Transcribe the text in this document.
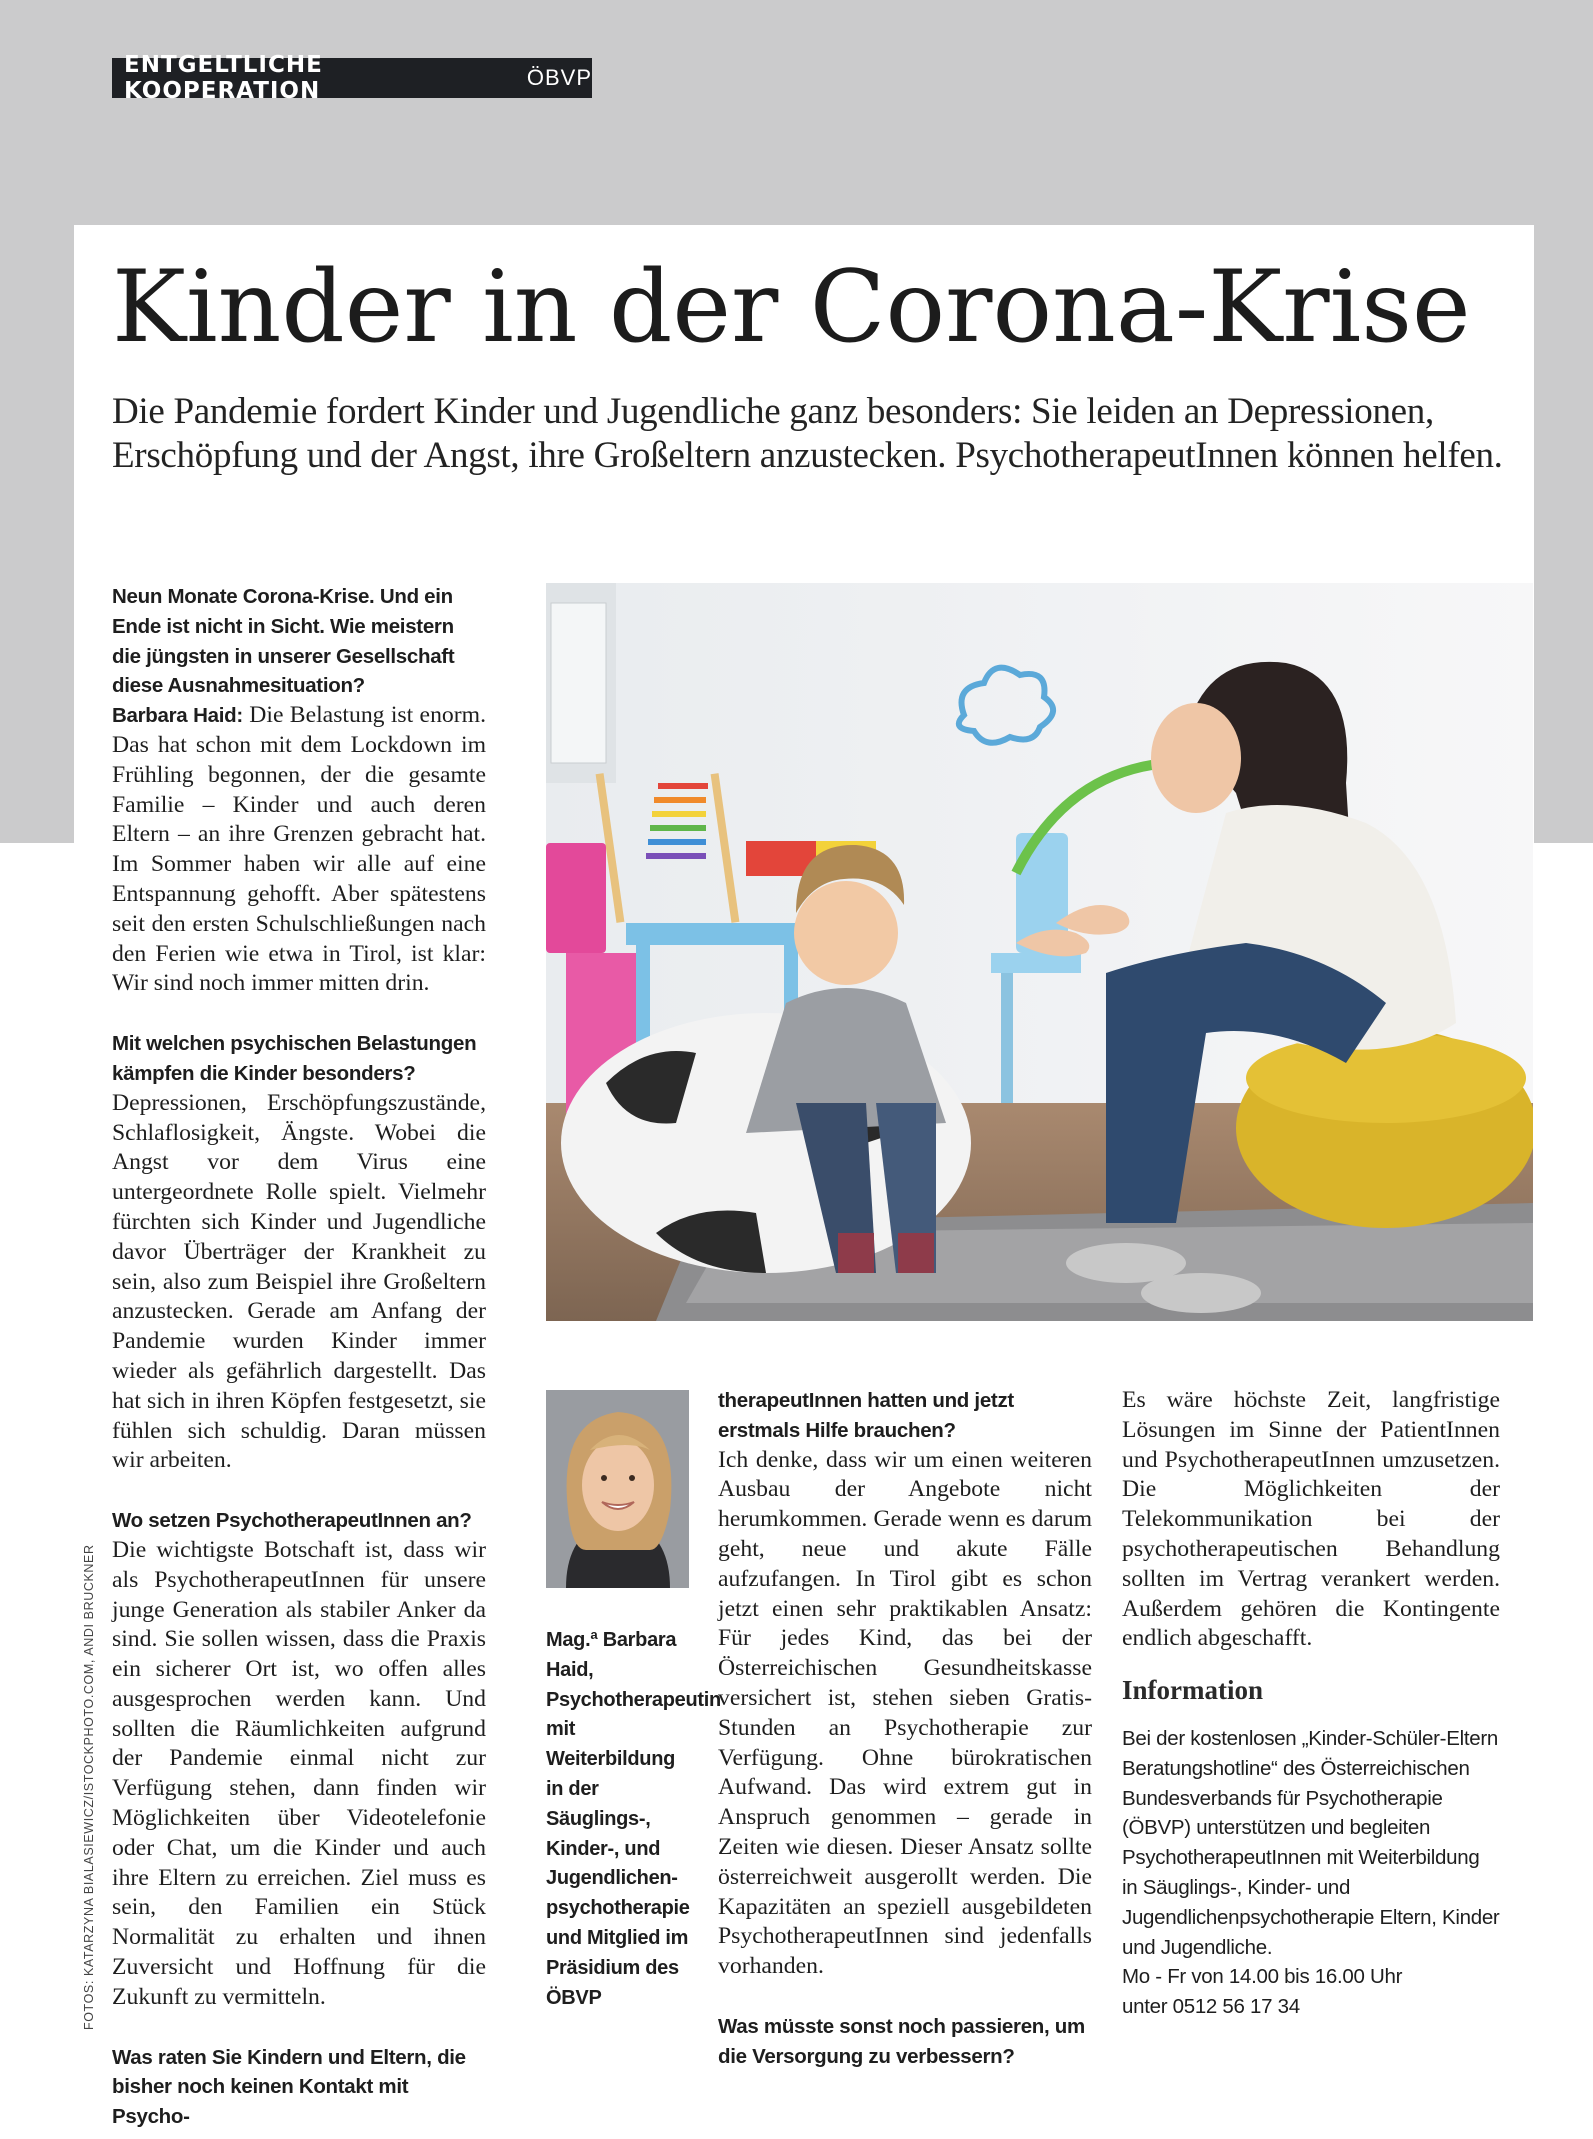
ENTGELTLICHE KOOPERATION
ÖBVP
Kinder in der Corona-Krise

Die Pandemie fordert Kinder und Jugendliche ganz besonders: Sie leiden an Depressionen, Erschöpfung und der Angst, ihre Großeltern anzustecken. PsychotherapeutInnen können helfen.

FOTOS: KATARZYNA BIALASIEWICZ/ISTOCKPHOTO.COM, ANDI BRUCKNER	Mag.ª Barbara Haid, Psychotherapeutin mit Weiterbildung in der Säuglings-, Kinder-, und Jugendlichen-psychotherapie und Mitglied im Präsidium des ÖBVP

Neun Monate Corona-Krise. Und ein Ende ist nicht in Sicht. Wie meistern die jüngsten in unserer Gesellschaft diese Ausnahmesituation?

Barbara Haid: Die Belastung ist enorm. Das hat schon mit dem Lockdown im Frühling begonnen, der die gesamte Familie – Kinder und auch deren Eltern – an ihre Grenzen gebracht hat. Im Sommer haben wir alle auf eine Entspannung gehofft. Aber spätestens seit den ersten Schulschließungen nach den Ferien wie etwa in Tirol, ist klar: Wir sind noch immer mitten drin.

Mit welchen psychischen Belastungen kämpfen die Kinder besonders?

Depressionen, Erschöpfungszustände, Schlaflosigkeit, Ängste. Wobei die Angst vor dem Virus eine untergeordnete Rolle spielt. Vielmehr fürchten sich Kinder und Jugendliche davor Überträger der Krankheit zu sein, also zum Beispiel ihre Großeltern anzustecken. Gerade am Anfang der Pandemie wurden Kinder immer wieder als gefährlich dargestellt. Das hat sich in ihren Köpfen festgesetzt, sie fühlen sich schuldig. Daran müssen wir arbeiten.

Wo setzen PsychotherapeutInnen an?

Die wichtigste Botschaft ist, dass wir als PsychotherapeutInnen für unsere junge Generation als stabiler Anker da sind. Sie sollen wissen, dass die Praxis ein sicherer Ort ist, wo offen alles ausgesprochen werden kann. Und sollten die Räumlichkeiten aufgrund der Pandemie einmal nicht zur Verfügung stehen, dann finden wir Möglichkeiten über Videotelefonie oder Chat, um die Kinder und auch ihre Eltern zu erreichen. Ziel muss es sein, den Familien ein Stück Normalität zu erhalten und ihnen Zuversicht und Hoffnung für die Zukunft zu vermitteln.

Was raten Sie Kindern und Eltern, die bisher noch keinen Kontakt mit Psycho-

therapeutInnen hatten und jetzt erstmals Hilfe brauchen?

Ich denke, dass wir um einen weiteren Ausbau der Angebote nicht herumkommen. Gerade wenn es darum geht, neue und akute Fälle aufzufangen. In Tirol gibt es schon jetzt einen sehr praktikablen Ansatz: Für jedes Kind, das bei der Österreichischen Gesundheitskasse versichert ist, stehen sieben Gratis-Stunden an Psychotherapie zur Verfügung. Ohne bürokratischen Aufwand. Das wird extrem gut in Anspruch genommen – gerade in Zeiten wie diesen. Dieser Ansatz sollte österreichweit ausgerollt werden. Die Kapazitäten an speziell ausgebildeten PsychotherapeutInnen sind jedenfalls vorhanden.

Was müsste sonst noch passieren, um die Versorgung zu verbessern?

Es wäre höchste Zeit, langfristige Lösungen im Sinne der PatientInnen und PsychotherapeutInnen umzusetzen. Die Möglichkeiten der Telekommunikation bei der psychotherapeutischen Behandlung sollten im Vertrag verankert werden. Außerdem gehören die Kontingente endlich abgeschafft.

Information

Bei der kostenlosen „Kinder-Schüler-Eltern Beratungshotline“ des Österreichischen Bundesverbands für Psychotherapie (ÖBVP) unterstützen und begleiten PsychotherapeutInnen mit Weiterbildung in Säuglings-, Kinder- und Jugendlichenpsychotherapie Eltern, Kinder und Jugendliche.

Mo - Fr von 14.00 bis 16.00 Uhr

unter 0512 56 17 34
